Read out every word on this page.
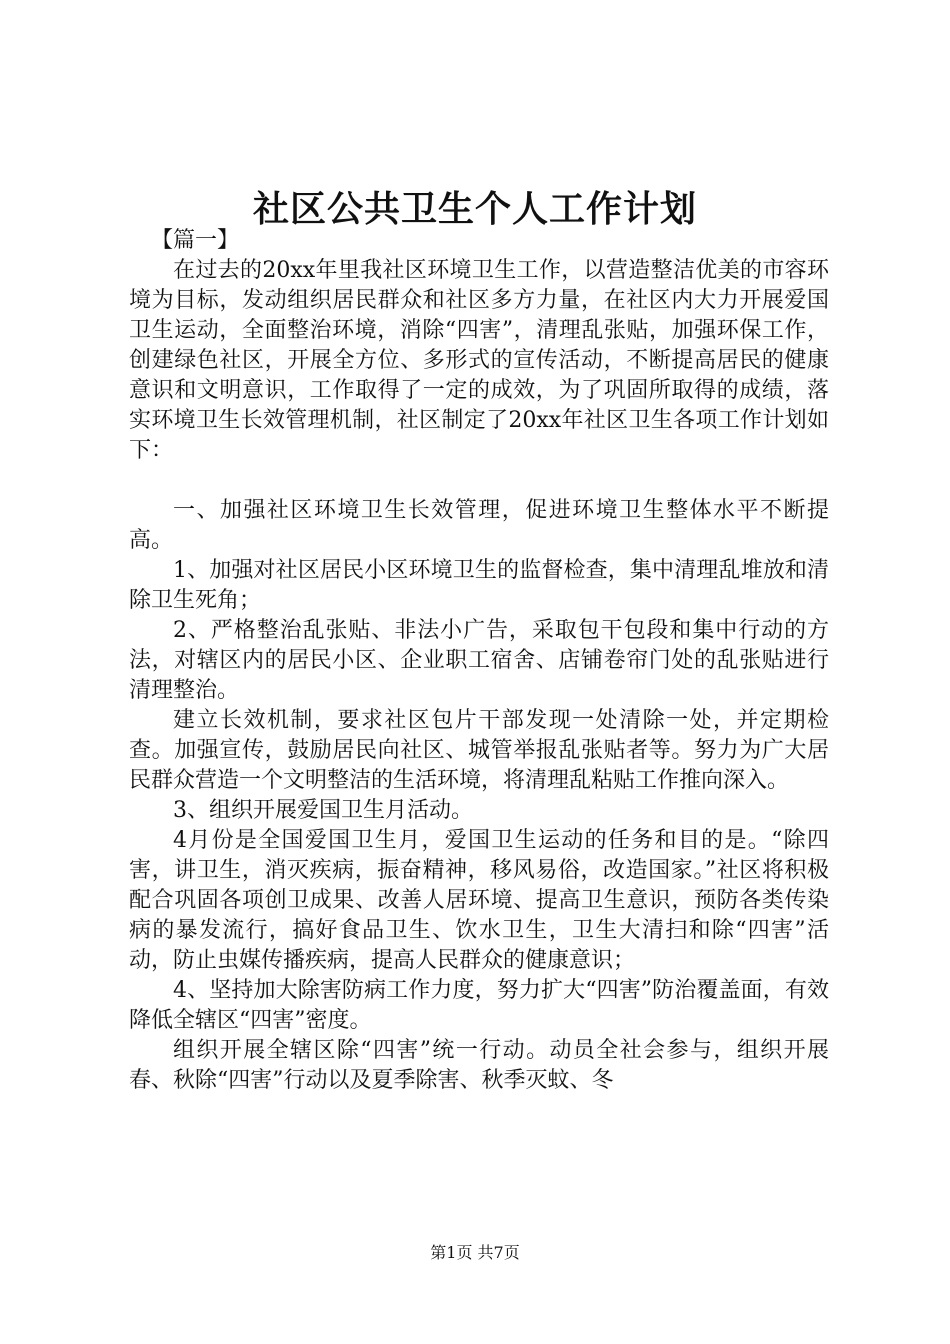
社区公共卫生个人工作计划

【篇一】

在过去的20xx年里我社区环境卫生工作，以营造整洁优美的市容环境为目标，发动组织居民群众和社区多方力量，在社区内大力开展爱国卫生运动，全面整治环境，消除“四害”，清理乱张贴，加强环保工作，创建绿色社区，开展全方位、多形式的宣传活动，不断提高居民的健康意识和文明意识，工作取得了一定的成效，为了巩固所取得的成绩，落实环境卫生长效管理机制，社区制定了20xx年社区卫生各项工作计划如下：

一、加强社区环境卫生长效管理，促进环境卫生整体水平不断提高。

1、加强对社区居民小区环境卫生的监督检查，集中清理乱堆放和清除卫生死角；

2、严格整治乱张贴、非法小广告，采取包干包段和集中行动的方法，对辖区内的居民小区、企业职工宿舍、店铺卷帘门处的乱张贴进行清理整治。

建立长效机制，要求社区包片干部发现一处清除一处，并定期检查。加强宣传，鼓励居民向社区、城管举报乱张贴者等。努力为广大居民群众营造一个文明整洁的生活环境，将清理乱粘贴工作推向深入。

3、组织开展爱国卫生月活动。

4月份是全国爱国卫生月，爱国卫生运动的任务和目的是。“除四害，讲卫生，消灭疾病，振奋精神，移风易俗，改造国家。”社区将积极配合巩固各项创卫成果、改善人居环境、提高卫生意识，预防各类传染病的暴发流行，搞好食品卫生、饮水卫生，卫生大清扫和除“四害”活动，防止虫媒传播疾病，提高人民群众的健康意识；

4、坚持加大除害防病工作力度，努力扩大“四害”防治覆盖面，有效降低全辖区“四害”密度。

组织开展全辖区除“四害”统一行动。动员全社会参与，组织开展春、秋除“四害”行动以及夏季除害、秋季灭蚊、冬

第1页 共7页
